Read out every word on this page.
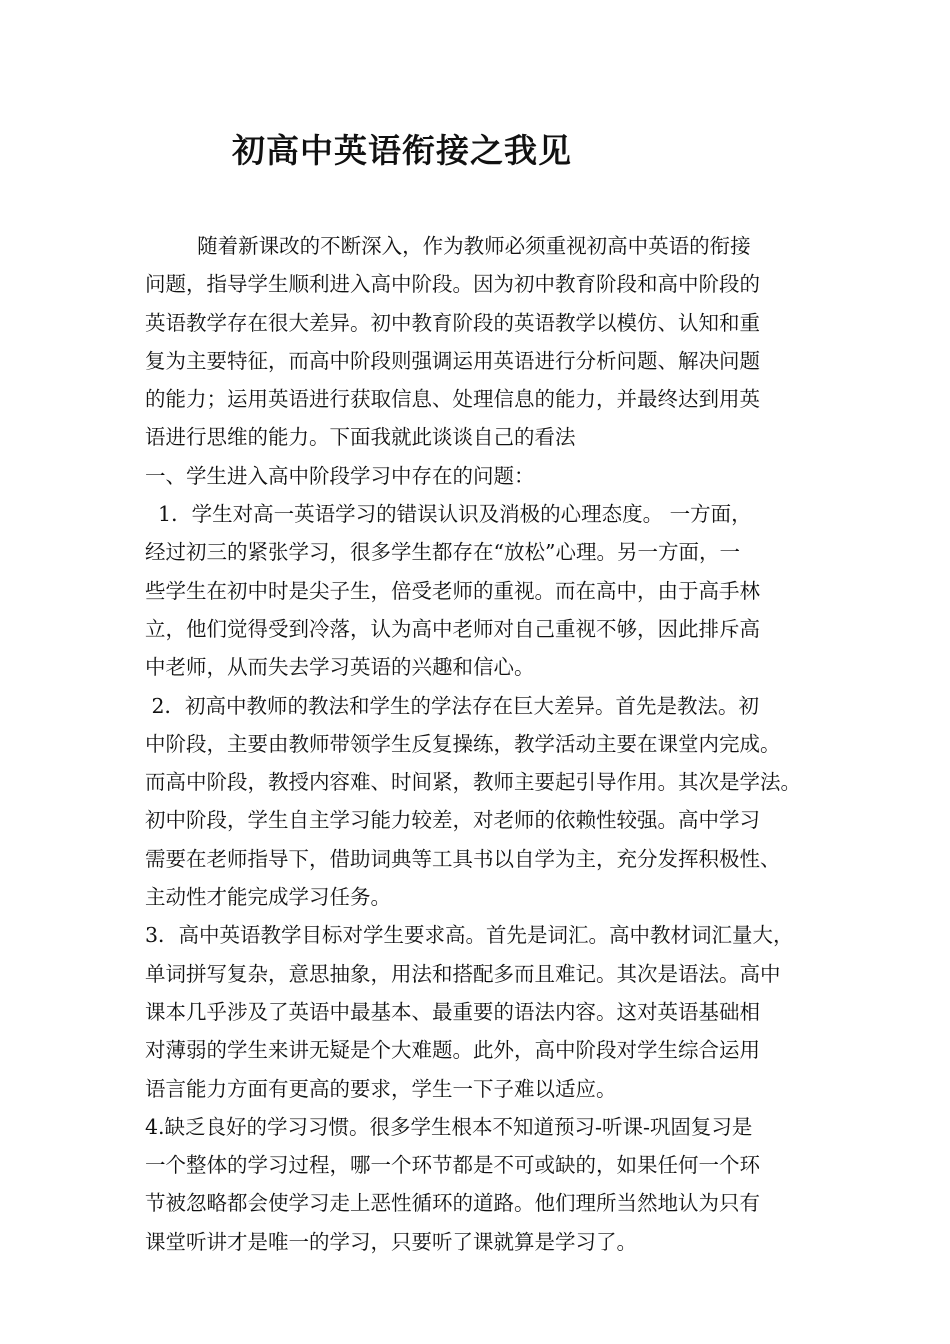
初高中英语衔接之我见
随着新课改的不断深入，作为教师必须重视初高中英语的衔接
问题，指导学生顺利进入高中阶段。因为初中教育阶段和高中阶段的
英语教学存在很大差异。初中教育阶段的英语教学以模仿、认知和重
复为主要特征，而高中阶段则强调运用英语进行分析问题、解决问题
的能力；运用英语进行获取信息、处理信息的能力，并最终达到用英
语进行思维的能力。下面我就此谈谈自己的看法
一、学生进入高中阶段学习中存在的问题：
1．学生对高一英语学习的错误认识及消极的心理态度。 一方面，
经过初三的紧张学习，很多学生都存在“放松”心理。另一方面，一
些学生在初中时是尖子生，倍受老师的重视。而在高中，由于高手林
立，他们觉得受到冷落，认为高中老师对自己重视不够，因此排斥高
中老师，从而失去学习英语的兴趣和信心。
2．初高中教师的教法和学生的学法存在巨大差异。首先是教法。初
中阶段，主要由教师带领学生反复操练，教学活动主要在课堂内完成。
而高中阶段，教授内容难、时间紧，教师主要起引导作用。其次是学法。
初中阶段，学生自主学习能力较差，对老师的依赖性较强。高中学习
需要在老师指导下，借助词典等工具书以自学为主，充分发挥积极性、
主动性才能完成学习任务。
3．高中英语教学目标对学生要求高。首先是词汇。高中教材词汇量大，
单词拼写复杂，意思抽象，用法和搭配多而且难记。其次是语法。高中
课本几乎涉及了英语中最基本、最重要的语法内容。这对英语基础相
对薄弱的学生来讲无疑是个大难题。此外，高中阶段对学生综合运用
语言能力方面有更高的要求，学生一下子难以适应。
4.缺乏良好的学习习惯。很多学生根本不知道预习-听课-巩固复习是
一个整体的学习过程，哪一个环节都是不可或缺的，如果任何一个环
节被忽略都会使学习走上恶性循环的道路。他们理所当然地认为只有
课堂听讲才是唯一的学习，只要听了课就算是学习了。
